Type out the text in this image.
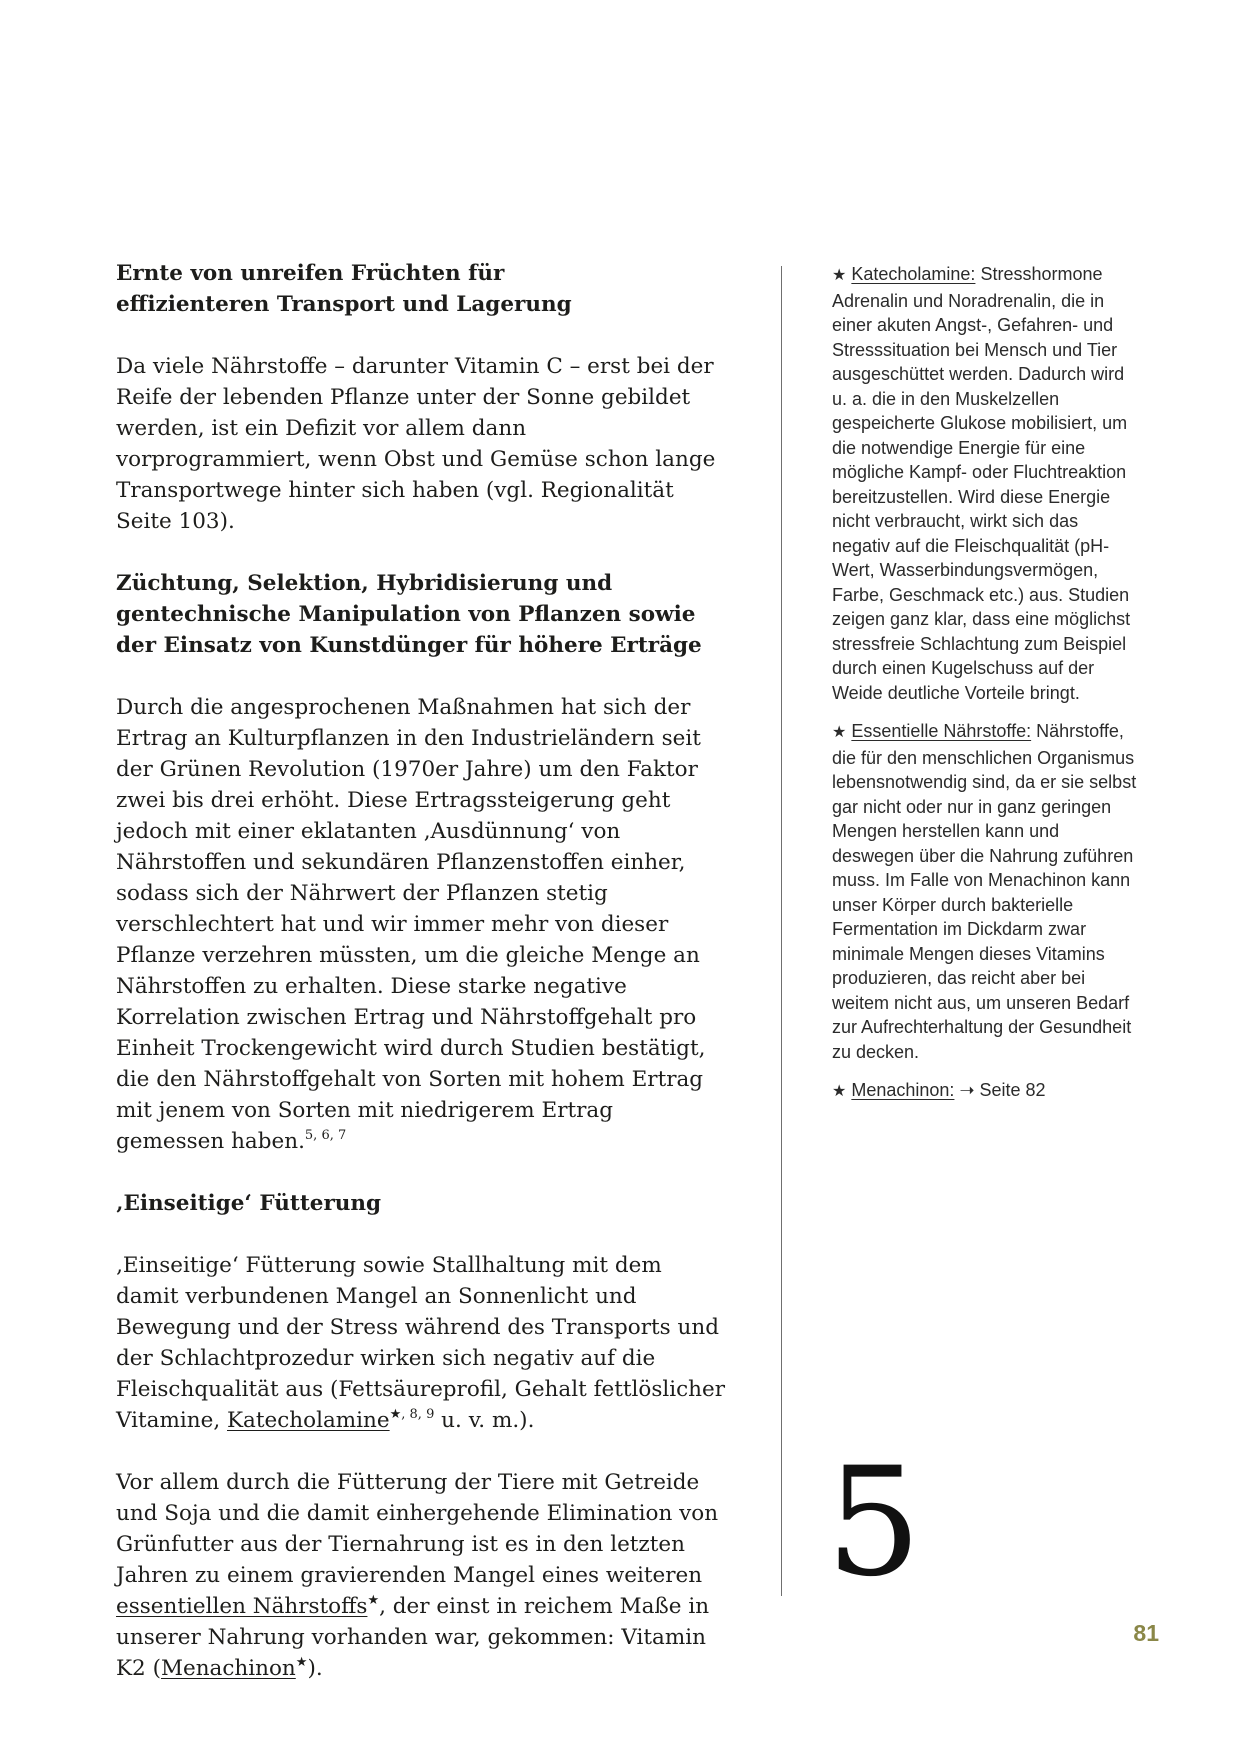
Ernte von unreifen Früchten für
effizienteren Transport und Lagerung

Da viele Nährstoffe – darunter Vitamin C – erst bei der Reife der lebenden Pflanze unter der Sonne gebildet werden, ist ein Defizit vor allem dann vorprogrammiert, wenn Obst und Gemüse schon lange Transportwege hinter sich haben (vgl. Regionalität Seite 103).

Züchtung, Selektion, Hybridisierung und
gentechnische Manipulation von Pflanzen sowie
der Einsatz von Kunstdünger für höhere Erträge

Durch die angesprochenen Maßnahmen hat sich der Ertrag an Kulturpflanzen in den Industrieländern seit der Grünen Revolution (1970er Jahre) um den Faktor zwei bis drei erhöht. Diese Ertragssteigerung geht jedoch mit einer eklatanten ‚Ausdünnung‘ von Nährstoffen und sekundären Pflanzenstoffen einher, sodass sich der Nährwert der Pflanzen stetig verschlechtert hat und wir immer mehr von dieser Pflanze verzehren müssten, um die gleiche Menge an Nährstoffen zu erhalten. Diese starke negative Korrelation zwischen Ertrag und Nährstoffgehalt pro Einheit Trockengewicht wird durch Studien bestätigt, die den Nährstoffgehalt von Sorten mit hohem Ertrag mit jenem von Sorten mit niedrigerem Ertrag gemessen haben.$^{5, 6, 7}$

‚Einseitige‘ Fütterung

‚Einseitige‘ Fütterung sowie Stallhaltung mit dem damit verbundenen Mangel an Sonnenlicht und Bewegung und der Stress während des Transports und der Schlachtprozedur wirken sich negativ auf die Fleischqualität aus (Fettsäureprofil, Gehalt fettlöslicher Vitamine, Katecholamine$^{★, 8, 9}$ u. v. m.).

Vor allem durch die Fütterung der Tiere mit Getreide und Soja und die damit einhergehende Elimination von Grünfutter aus der Tiernahrung ist es in den letzten Jahren zu einem gravierenden Mangel eines weiteren essentiellen Nährstoffs★, der einst in reichem Maße in unserer Nahrung vorhanden war, gekommen: Vitamin K2 (Menachinon★).

★ Katecholamine: Stresshormone Adrenalin und Noradrenalin, die in einer akuten Angst-, Gefahren- und Stresssituation bei Mensch und Tier ausgeschüttet werden. Dadurch wird u. a. die in den Muskelzellen gespeicherte Glukose mobilisiert, um die notwendige Energie für eine mögliche Kampf- oder Fluchtreaktion bereitzustellen. Wird diese Energie nicht verbraucht, wirkt sich das negativ auf die Fleischqualität (pH-Wert, Wasserbindungsvermögen, Farbe, Geschmack etc.) aus. Studien zeigen ganz klar, dass eine möglichst stressfreie Schlachtung zum Beispiel durch einen Kugelschuss auf der Weide deutliche Vorteile bringt.
★ Essentielle Nährstoffe: Nährstoffe, die für den menschlichen Organismus lebensnotwendig sind, da er sie selbst gar nicht oder nur in ganz geringen Mengen herstellen kann und deswegen über die Nahrung zuführen muss. Im Falle von Menachinon kann unser Körper durch bakterielle Fermentation im Dickdarm zwar minimale Mengen dieses Vitamins produzieren, das reicht aber bei weitem nicht aus, um unseren Bedarf zur Aufrechterhaltung der Gesundheit zu decken.
★ Menachinon: ➝ Seite 82
5
81
